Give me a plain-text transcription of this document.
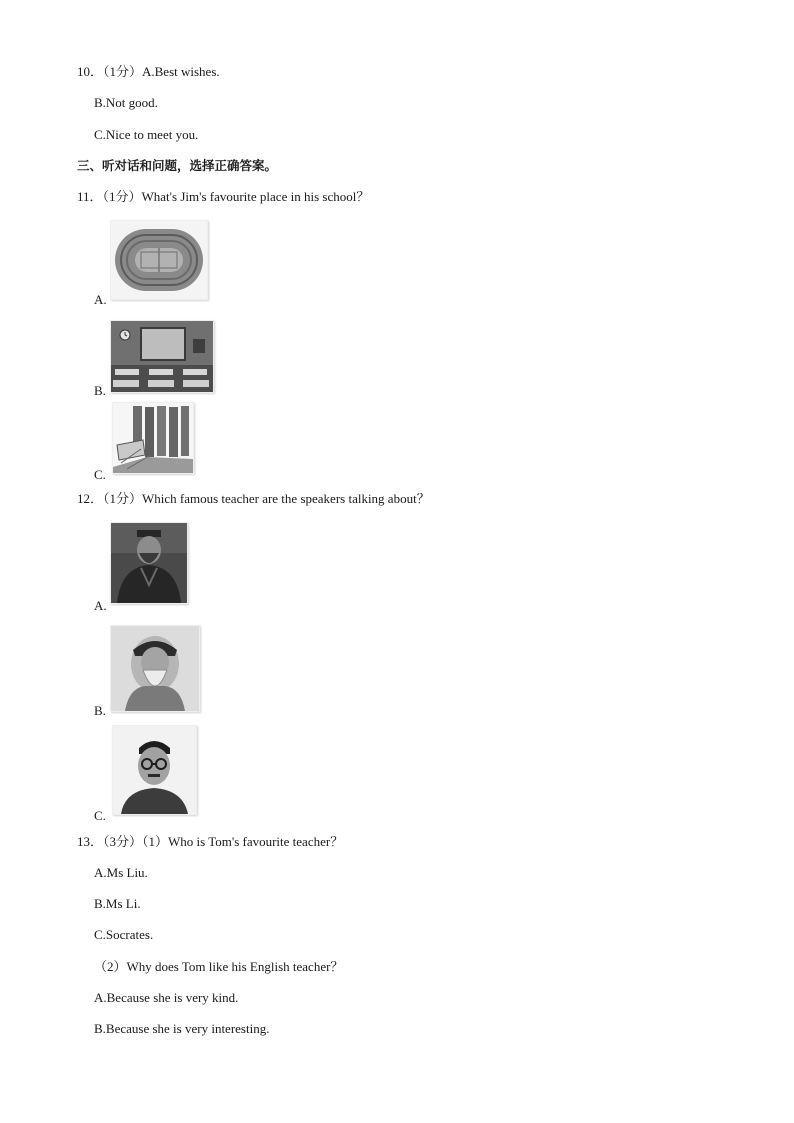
10．（1分）A.Best wishes.
B.Not good.
C.Nice to meet you.
三、听对话和问题，选择正确答案。
11．（1分）What's Jim's favourite place in his school？
A.
B.
C.
12．（1分）Which famous teacher are the speakers talking about？
A.
B.
C.
13．（3分）（1）Who is Tom's favourite teacher？
A.Ms Liu.
B.Ms Li.
C.Socrates.
（2）Why does Tom like his English teacher？
A.Because she is very kind.
B.Because she is very interesting.
